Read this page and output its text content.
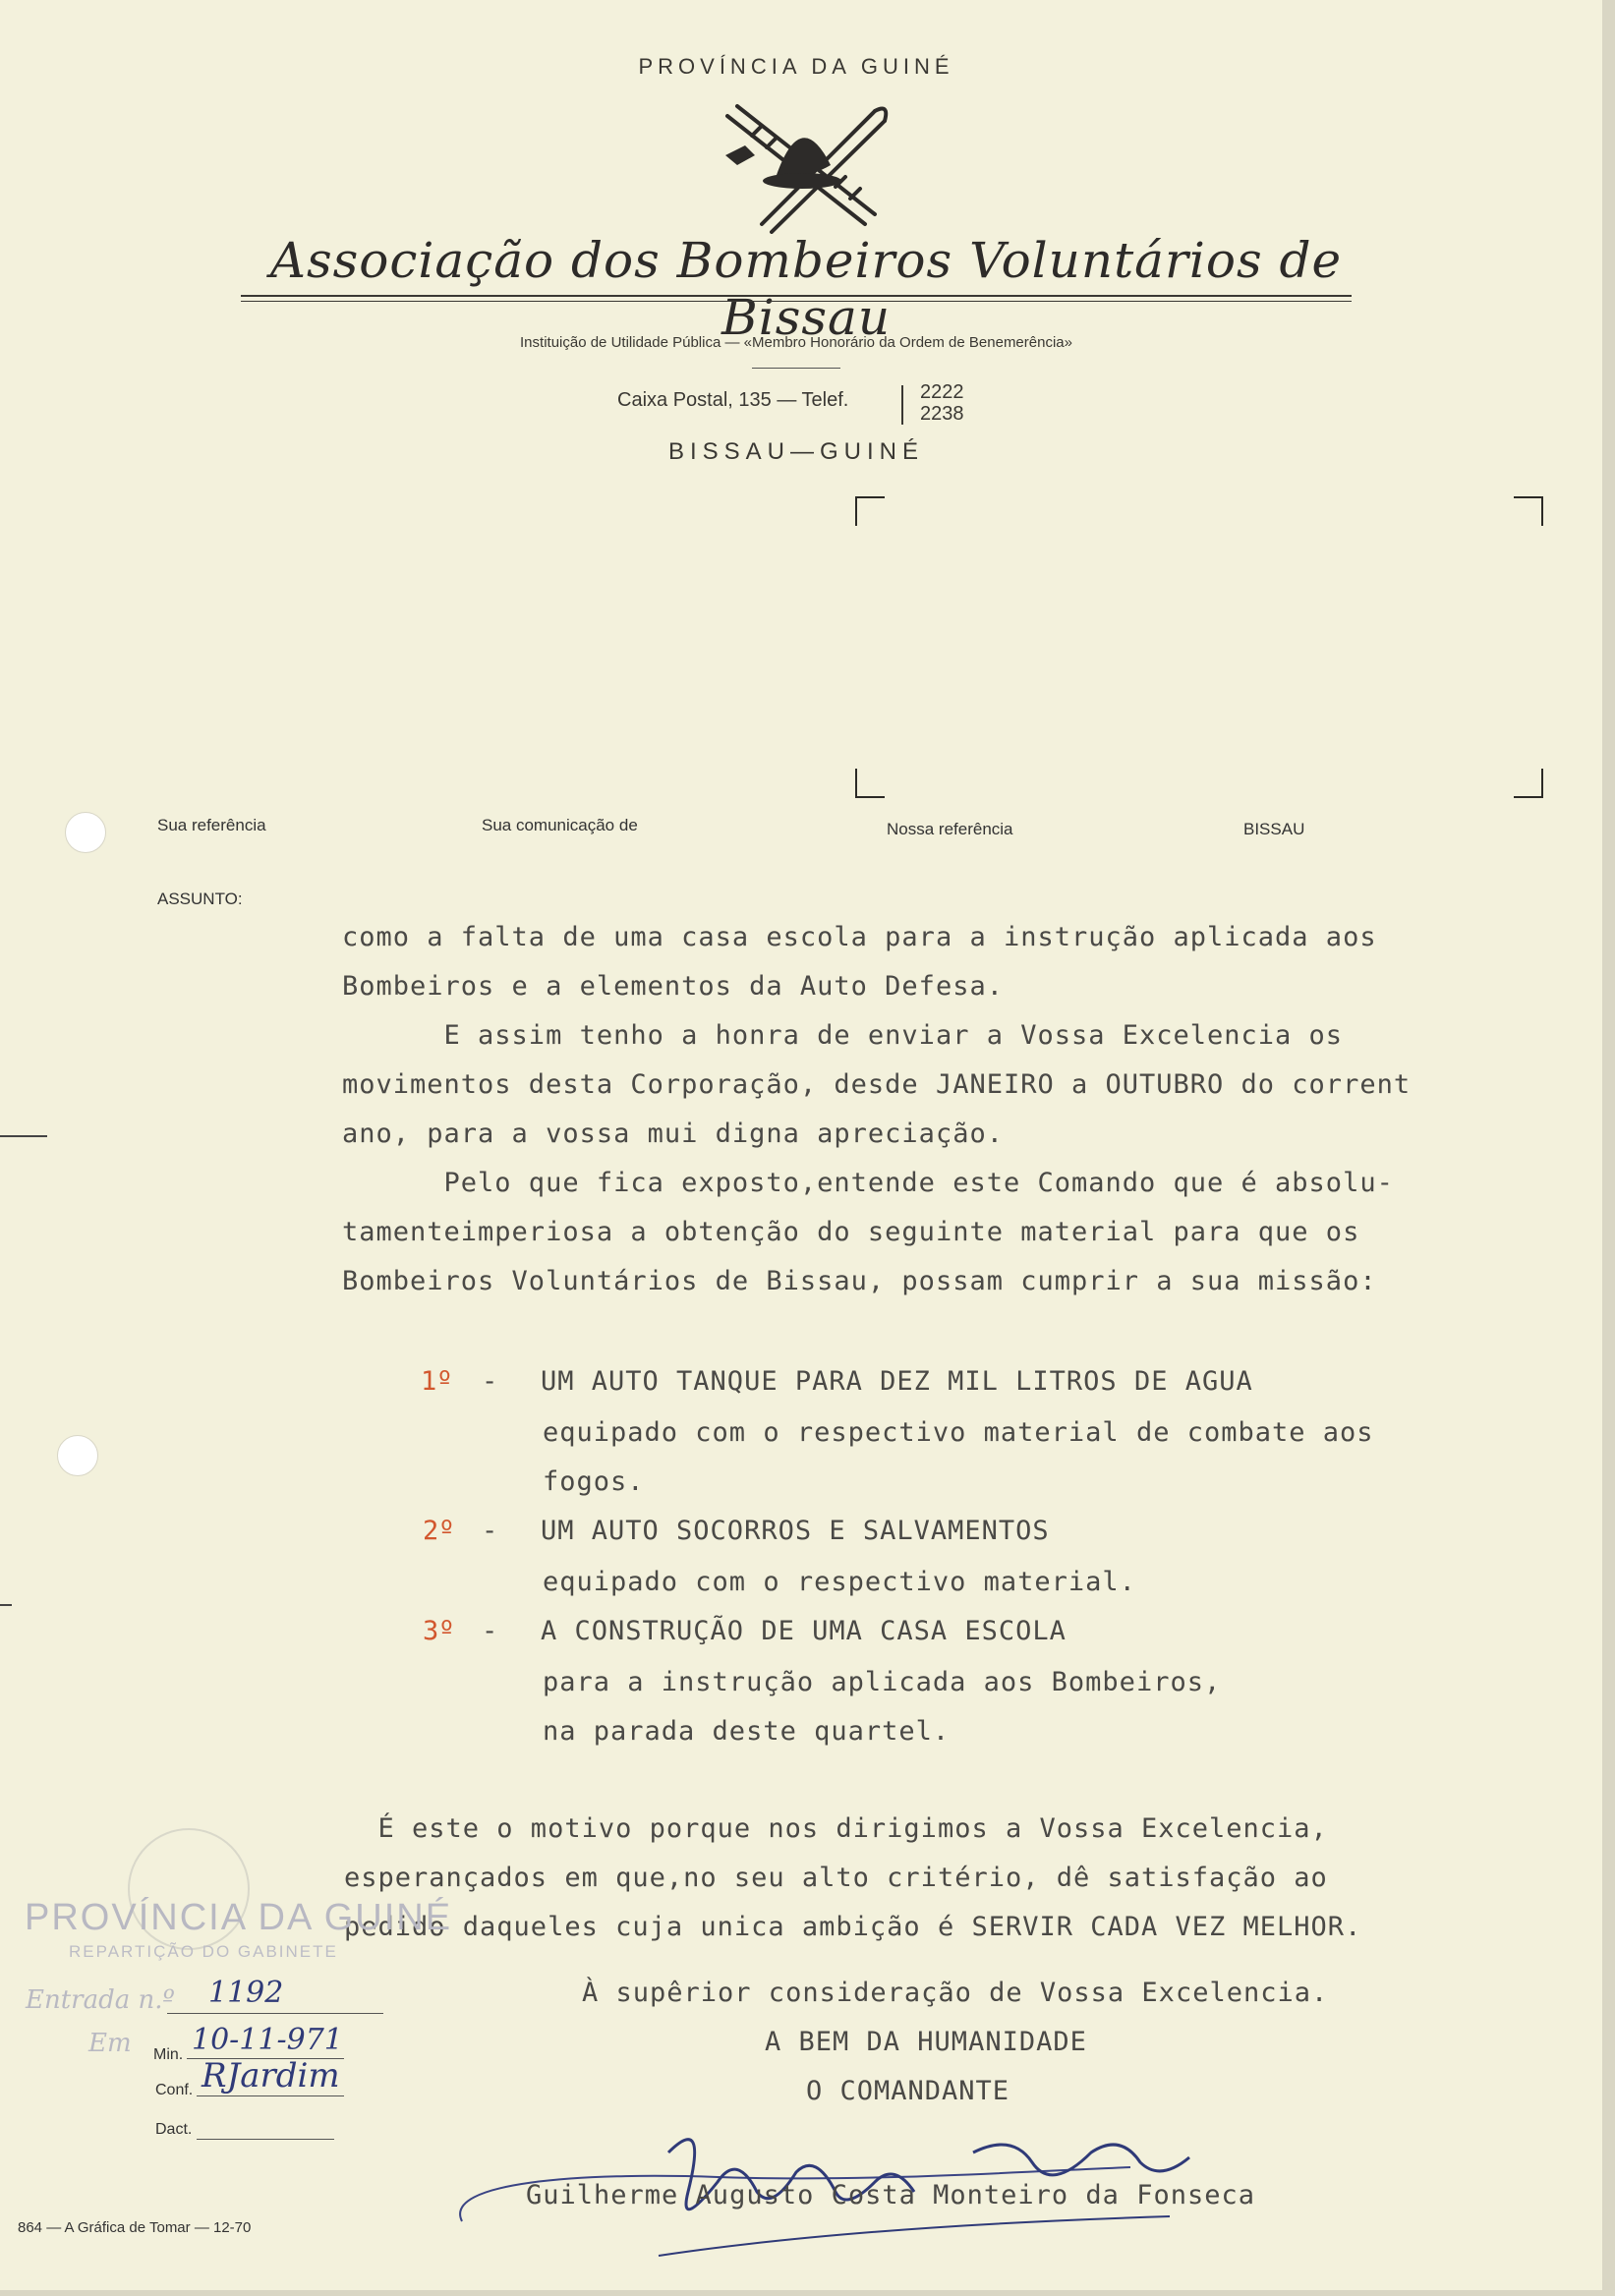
PROVÍNCIA DA GUINÉ
Associação dos Bombeiros Voluntários de Bissau
Instituição de Utilidade Pública — «Membro Honorário da Ordem de Benemerência»
Caixa Postal, 135 — Telef.	2222
2238
BISSAU—GUINÉ
Sua referência	Sua comunicação de	Nossa referência	BISSAU
ASSUNTO:
como a falta de uma casa escola para a instrução aplicada aos
Bombeiros e a elementos da Auto Defesa.
E assim tenho a honra de enviar a Vossa Excelencia os
movimentos desta Corporação, desde JANEIRO a OUTUBRO do corrent
ano, para a vossa mui digna apreciação.
Pelo que fica exposto,entende este Comando que é absolu-
tamenteimperiosa a obtenção do seguinte material para que os
Bombeiros Voluntários de Bissau, possam cumprir a sua missão:
1º - UM AUTO TANQUE PARA DEZ MIL LITROS DE AGUA
equipado com o respectivo material de combate aos
fogos.
2º - UM AUTO SOCORROS E SALVAMENTOS
equipado com o respectivo material.
3º - A CONSTRUÇÃO DE UMA CASA ESCOLA
para a instrução aplicada aos Bombeiros,
na parada deste quartel.
É este o motivo porque nos dirigimos a Vossa Excelencia,
esperançados em que,no seu alto critério, dê satisfação ao
pedido daqueles cuja unica ambição é SERVIR CADA VEZ MELHOR.
À supêrior consideração de Vossa Excelencia.
A BEM DA HUMANIDADE
O COMANDANTE
Guilherme Augusto Costa Monteiro da Fonseca
PROVÍNCIA DA GUINÉ
REPARTIÇÃO DO GABINETE
Entrada n.º 1192
Em Min. 10-11-971
Conf. RJardim
Dact.
864 — A Gráfica de Tomar — 12-70
